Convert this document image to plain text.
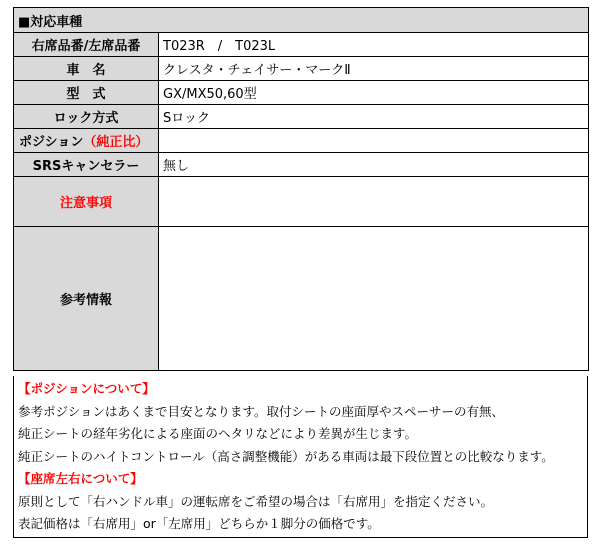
■対応車種	
右席品番/左席品番	T023R　/　T023L
車　名	クレスタ・チェイサー・マークⅡ
型　式	GX/MX50,60型
ロック方式	Sロック
ポジション（純正比）	
SRSキャンセラー	無し
注意事項	
参考情報	
【ポジションについて】
参考ポジションはあくまで目安となります。取付シートの座面厚やスペーサーの有無、
純正シートの経年劣化による座面のヘタリなどにより差異が生じます。
純正シートのハイトコントロール（高さ調整機能）がある車両は最下段位置との比較なります。
【座席左右について】
原則として「右ハンドル車」の運転席をご希望の場合は「右席用」を指定ください。
表記価格は「右席用」or「左席用」どちらか１脚分の価格です。
